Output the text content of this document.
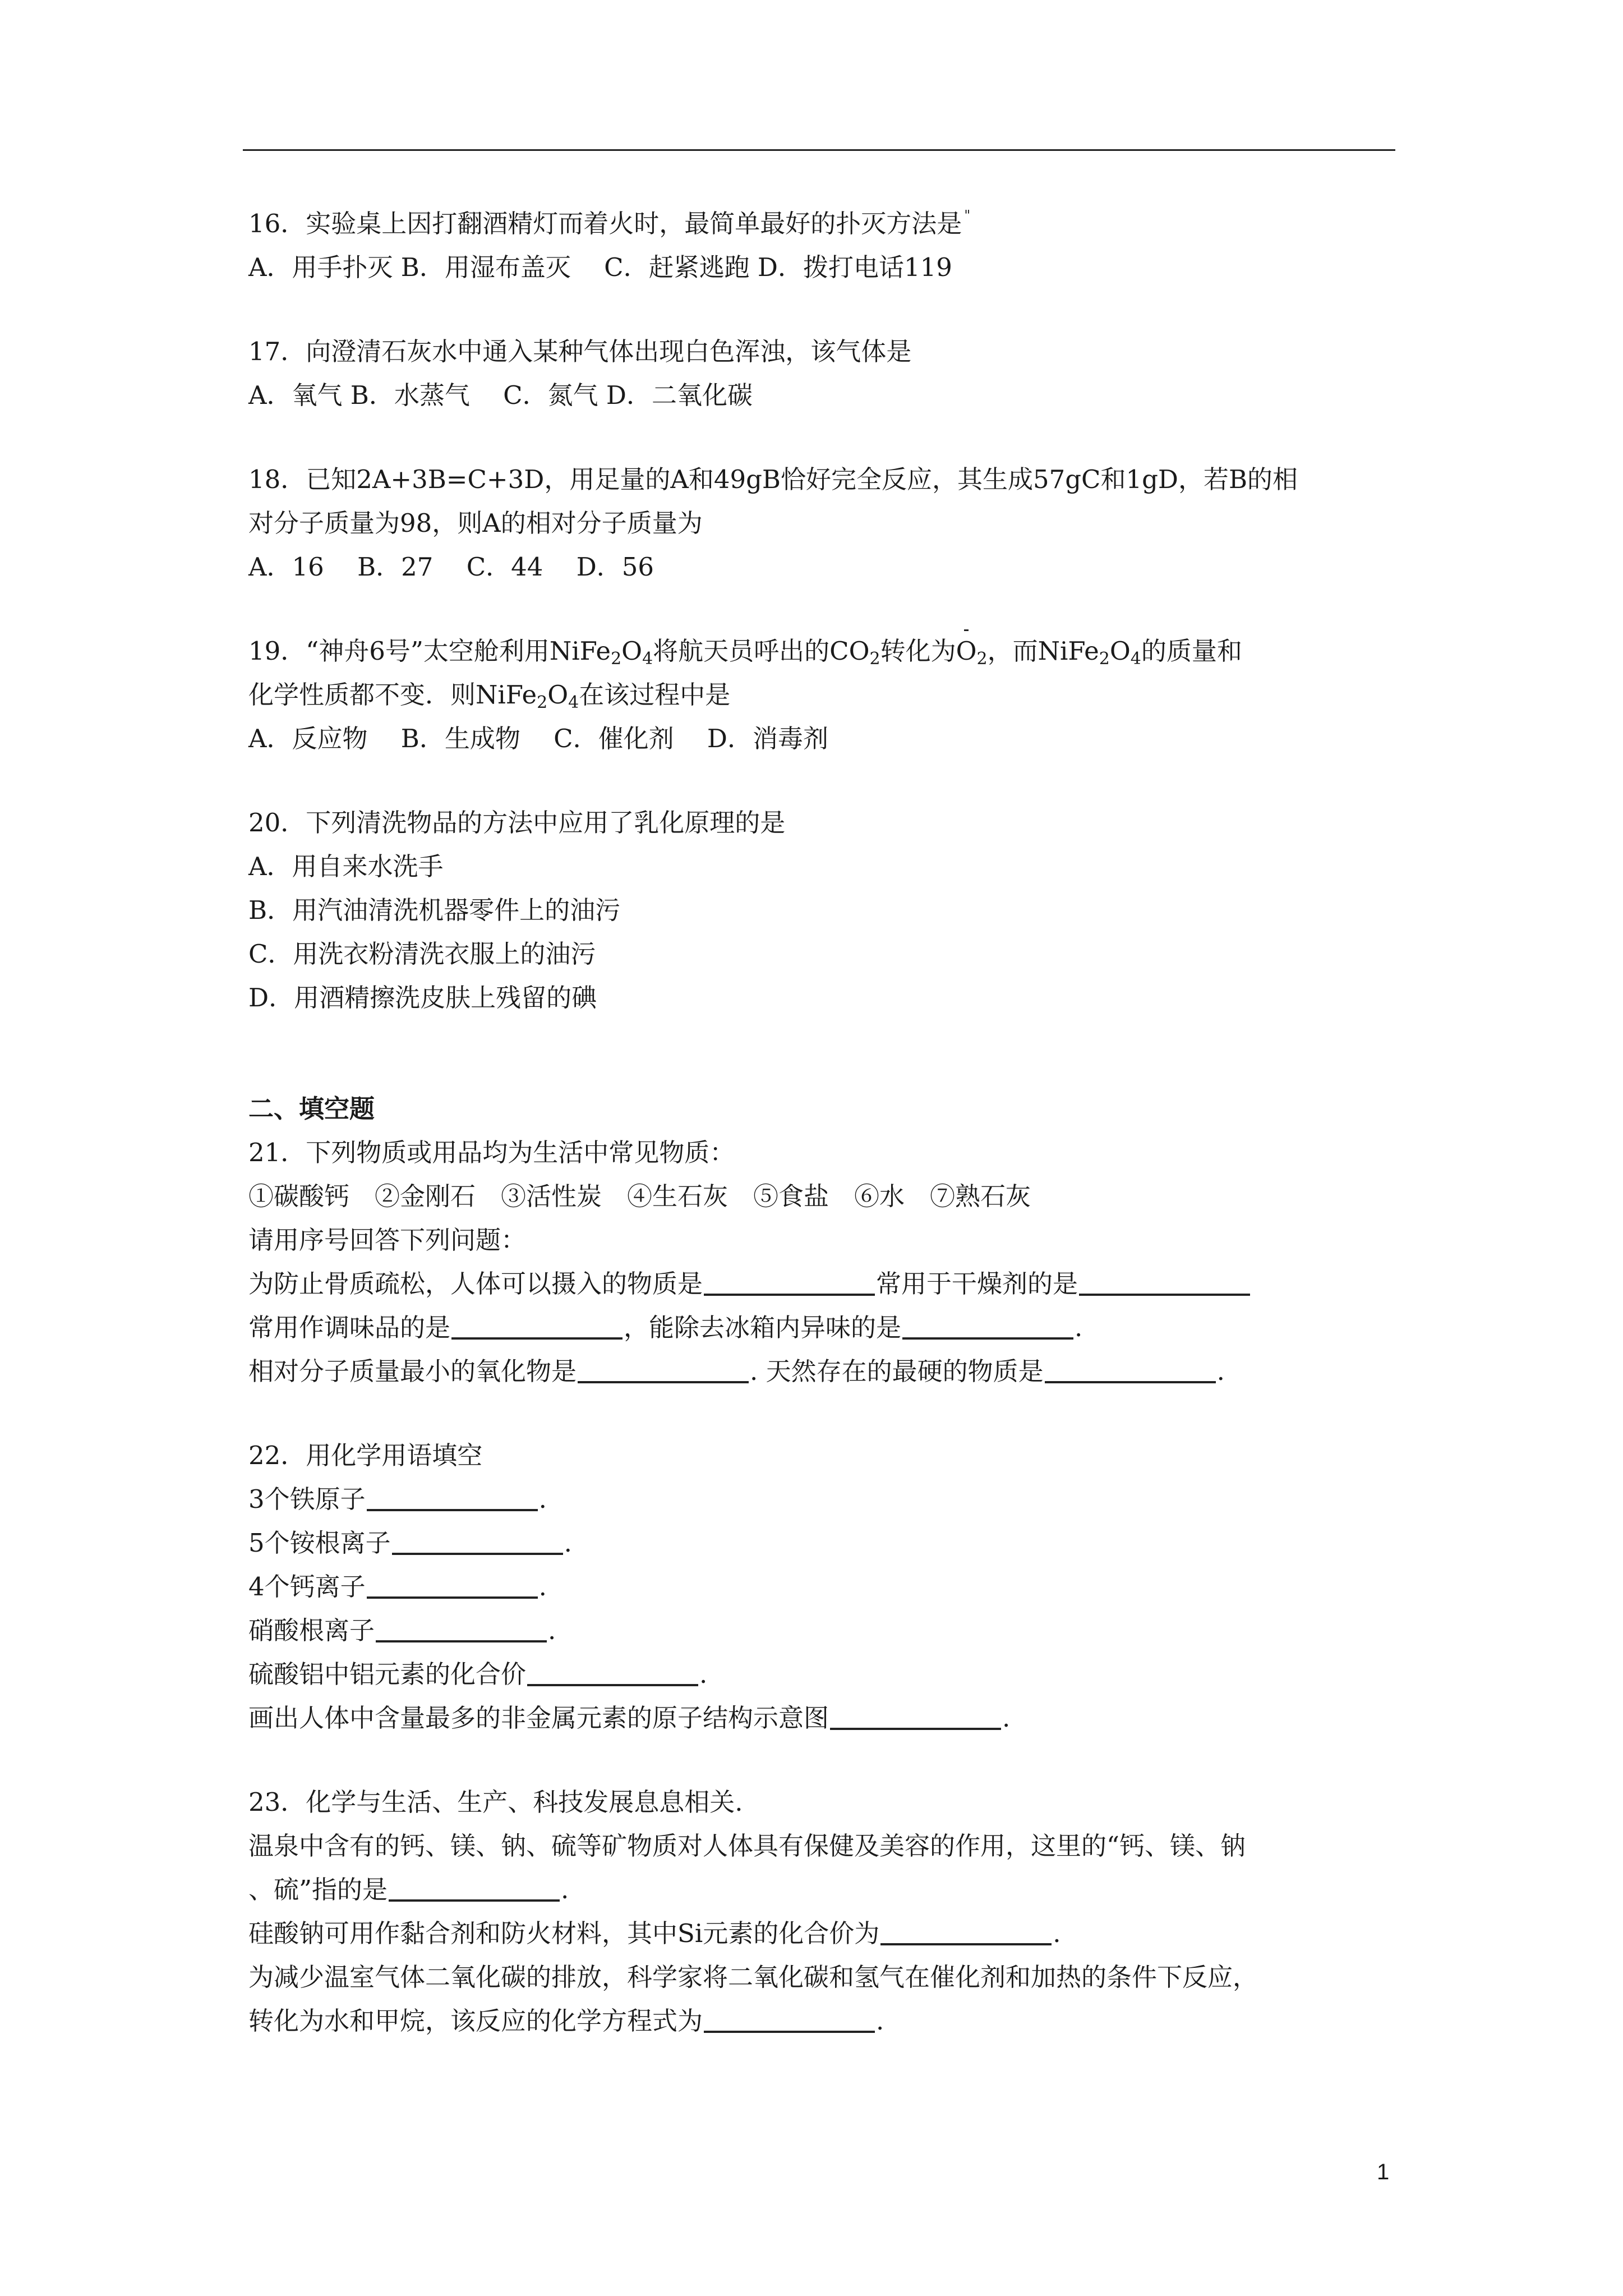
16．实验桌上因打翻酒精灯而着火时，最简单最好的扑灭方法是 "
A．用手扑灭 B．用湿布盖灭　 C．赶紧逃跑 D．拨打电话119
17．向澄清石灰水中通入某种气体出现白色浑浊，该气体是
A．氧气 B．水蒸气　 C．氮气 D．二氧化碳
18．已知2A+3B=C+3D，用足量的A和49gB恰好完全反应，其生成57gC和1gD，若B的相
对分子质量为98，则A的相对分子质量为
A．16　 B．27　 C．44　 D．56
19．“神舟6号”太空舱利用$NiFe_2O_4$将航天员呼出的$CO_2$转化为
$O_2$，而$NiFe_2O_4$的质量和
化学性质都不变．则$NiFe_2O_4$在该过程中是
A．反应物　 B．生成物　 C．催化剂　 D．消毒剂
20．下列清洗物品的方法中应用了乳化原理的是
A．用自来水洗手
B．用汽油清洗机器零件上的油污
C．用洗衣粉清洗衣服上的油污
D．用酒精擦洗皮肤上残留的碘
二、填空题
21．下列物质或用品均为生活中常见物质：
①碳酸钙　②金刚石　③活性炭　④生石灰　⑤食盐　⑥水　⑦熟石灰
请用序号回答下列问题：
为防止骨质疏松，人体可以摄入的物质是	常用于干燥剂的是
常用作调味品的是	，能除去冰箱内异味的是	.
相对分子质量最小的氧化物是	. 天然存在的最硬的物质是	.
22．用化学用语填空
3个铁原子	.
5个铵根离子	.
4个钙离子	.
硝酸根离子	.
硫酸铝中铝元素的化合价	.
画出人体中含量最多的非金属元素的原子结构示意图	.
23．化学与生活、生产、科技发展息息相关.
温泉中含有的钙、镁、钠、硫等矿物质对人体具有保健及美容的作用，这里的“钙、镁、钠
、硫”指的是	.
硅酸钠可用作黏合剂和防火材料，其中Si元素的化合价为	.
为减少温室气体二氧化碳的排放，科学家将二氧化碳和氢气在催化剂和加热的条件下反应，
转化为水和甲烷，该反应的化学方程式为	.
1
